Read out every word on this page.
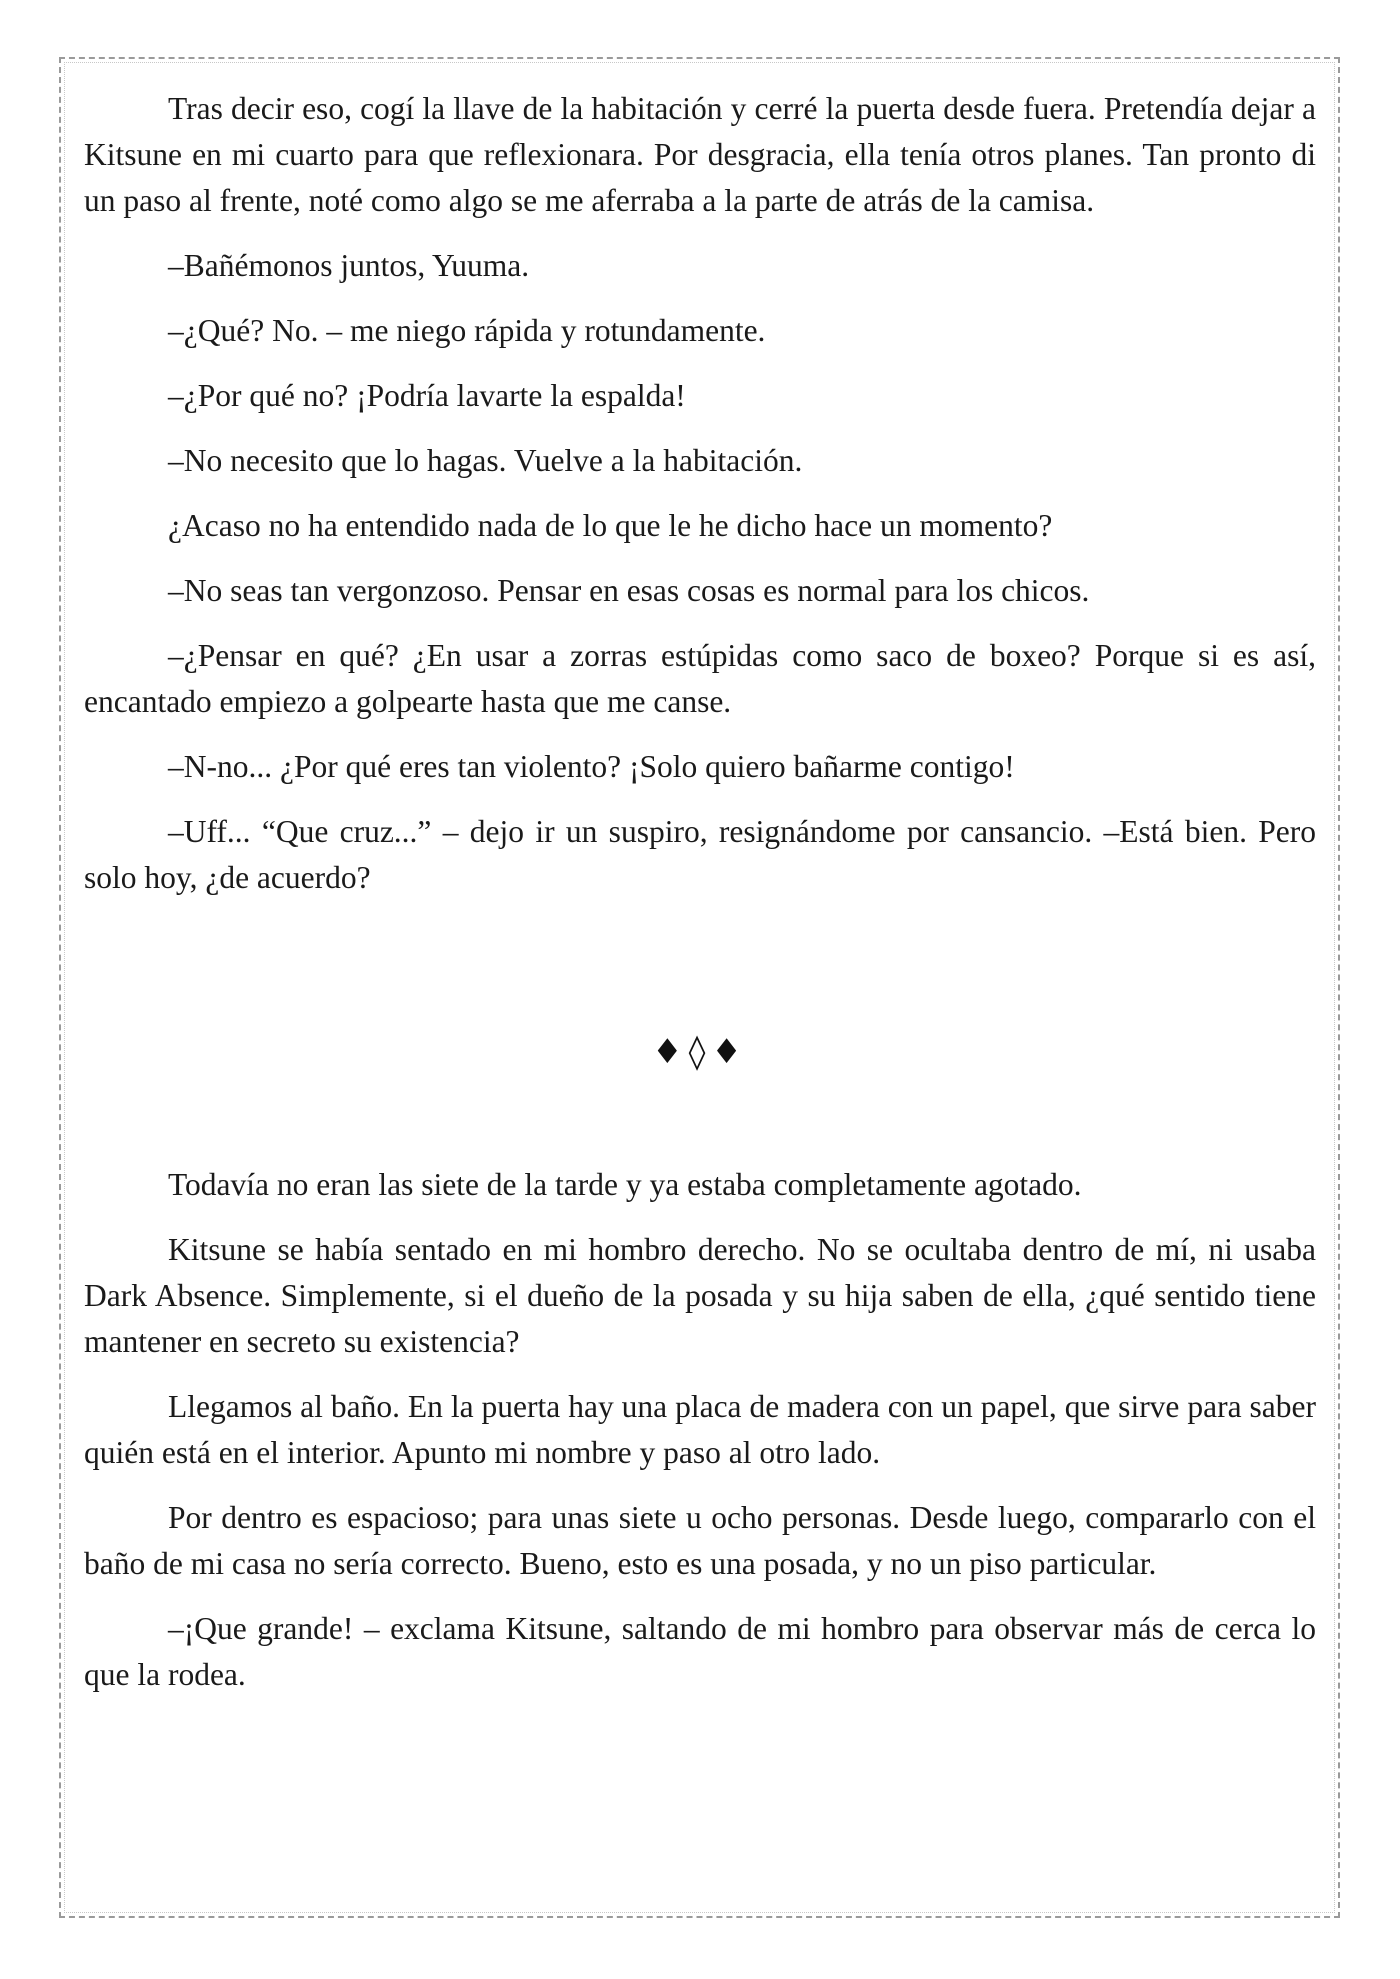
Tras decir eso, cogí la llave de la habitación y cerré la puerta desde fuera. Pretendía dejar a Kitsune en mi cuarto para que reflexionara. Por desgracia, ella tenía otros planes. Tan pronto di un paso al frente, noté como algo se me aferraba a la parte de atrás de la camisa.

–Bañémonos juntos, Yuuma.

–¿Qué? No. – me niego rápida y rotundamente.

–¿Por qué no? ¡Podría lavarte la espalda!

–No necesito que lo hagas. Vuelve a la habitación.

¿Acaso no ha entendido nada de lo que le he dicho hace un momento?

–No seas tan vergonzoso. Pensar en esas cosas es normal para los chicos.

–¿Pensar en qué? ¿En usar a zorras estúpidas como saco de boxeo? Porque si es así, encantado empiezo a golpearte hasta que me canse.

–N-no... ¿Por qué eres tan violento? ¡Solo quiero bañarme contigo!

–Uff... “Que cruz...” – dejo ir un suspiro, resignándome por cansancio. –Está bien. Pero solo hoy, ¿de acuerdo?

♦◊♦

Todavía no eran las siete de la tarde y ya estaba completamente agotado.

Kitsune se había sentado en mi hombro derecho. No se ocultaba dentro de mí, ni usaba Dark Absence. Simplemente, si el dueño de la posada y su hija saben de ella, ¿qué sentido tiene mantener en secreto su existencia?

Llegamos al baño. En la puerta hay una placa de madera con un papel, que sirve para saber quién está en el interior. Apunto mi nombre y paso al otro lado.

Por dentro es espacioso; para unas siete u ocho personas. Desde luego, compararlo con el baño de mi casa no sería correcto. Bueno, esto es una posada, y no un piso particular.

–¡Que grande! – exclama Kitsune, saltando de mi hombro para observar más de cerca lo que la rodea.
